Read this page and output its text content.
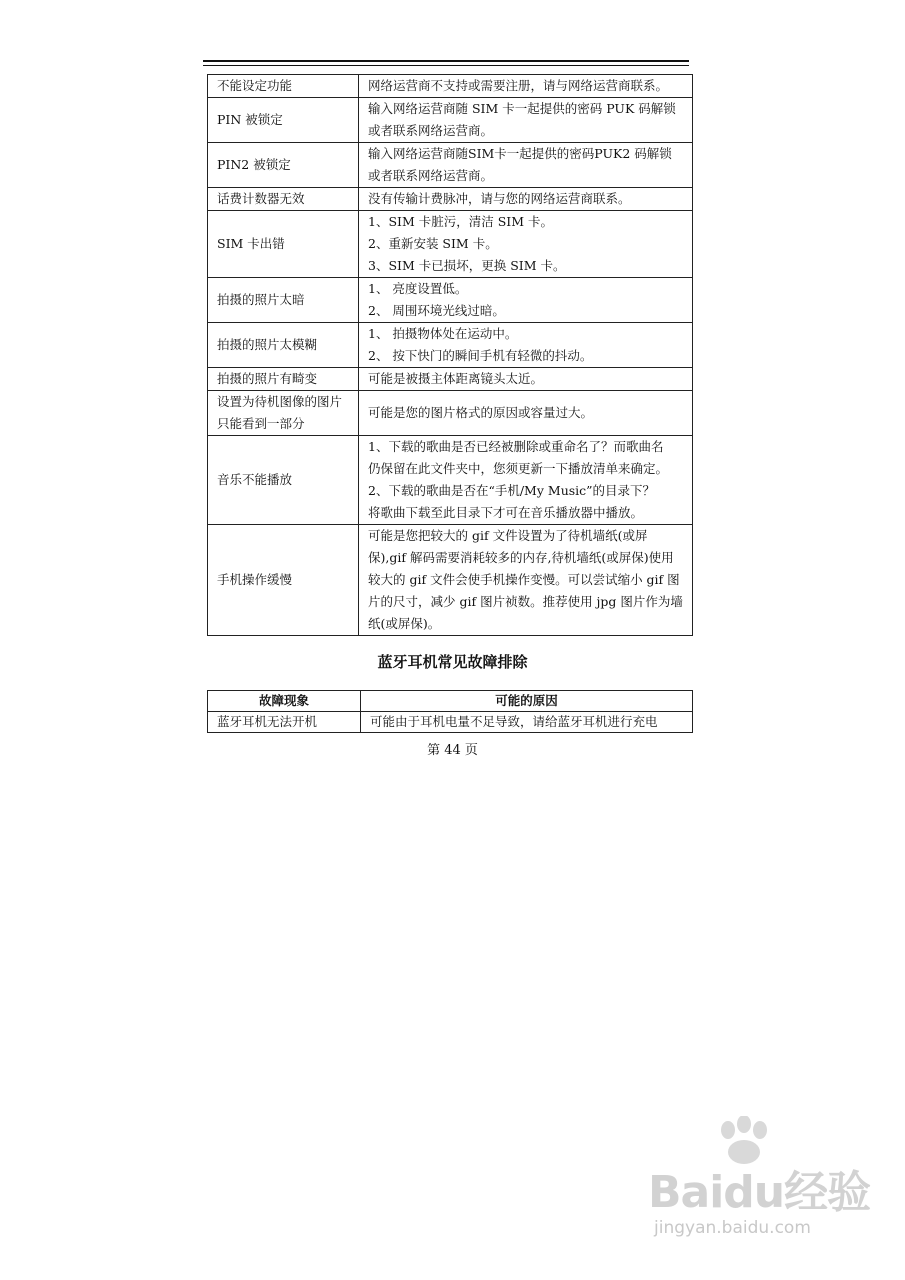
不能设定功能	网络运营商不支持或需要注册，请与网络运营商联系。

PIN 被锁定	输入网络运营商随 SIM 卡一起提供的密码 PUK 码解锁
或者联系网络运营商。

PIN2 被锁定	输入网络运营商随SIM卡一起提供的密码PUK2 码解锁
或者联系网络运营商。

话费计数器无效	没有传输计费脉冲，请与您的网络运营商联系。

SIM 卡出错	1、SIM 卡脏污，清洁 SIM 卡。
2、重新安装 SIM 卡。
3、SIM 卡已损坏，更换 SIM 卡。

拍摄的照片太暗	1、 亮度设置低。
2、 周围环境光线过暗。

拍摄的照片太模糊	1、 拍摄物体处在运动中。
2、 按下快门的瞬间手机有轻微的抖动。

拍摄的照片有畸变	可能是被摄主体距离镜头太近。

设置为待机图像的图片只能看到一部分	可能是您的图片格式的原因或容量过大。

音乐不能播放	1、下载的歌曲是否已经被删除或重命名了？而歌曲名
仍保留在此文件夹中，您须更新一下播放清单来确定。
2、下载的歌曲是否在“手机/My Music”的目录下？
将歌曲下载至此目录下才可在音乐播放器中播放。

手机操作缓慢	可能是您把较大的 gif 文件设置为了待机墙纸(或屏保),gif 解码需要消耗较多的内存,待机墙纸(或屏保)使用较大的 gif 文件会使手机操作变慢。可以尝试缩小 gif 图片的尺寸，减少 gif 图片祯数。推荐使用 jpg 图片作为墙纸(或屏保)。
蓝牙耳机常见故障排除
故障现象	可能的原因
蓝牙耳机无法开机	可能由于耳机电量不足导致，请给蓝牙耳机进行充电
第 44 页
Baidu经验
jingyan.baidu.com
